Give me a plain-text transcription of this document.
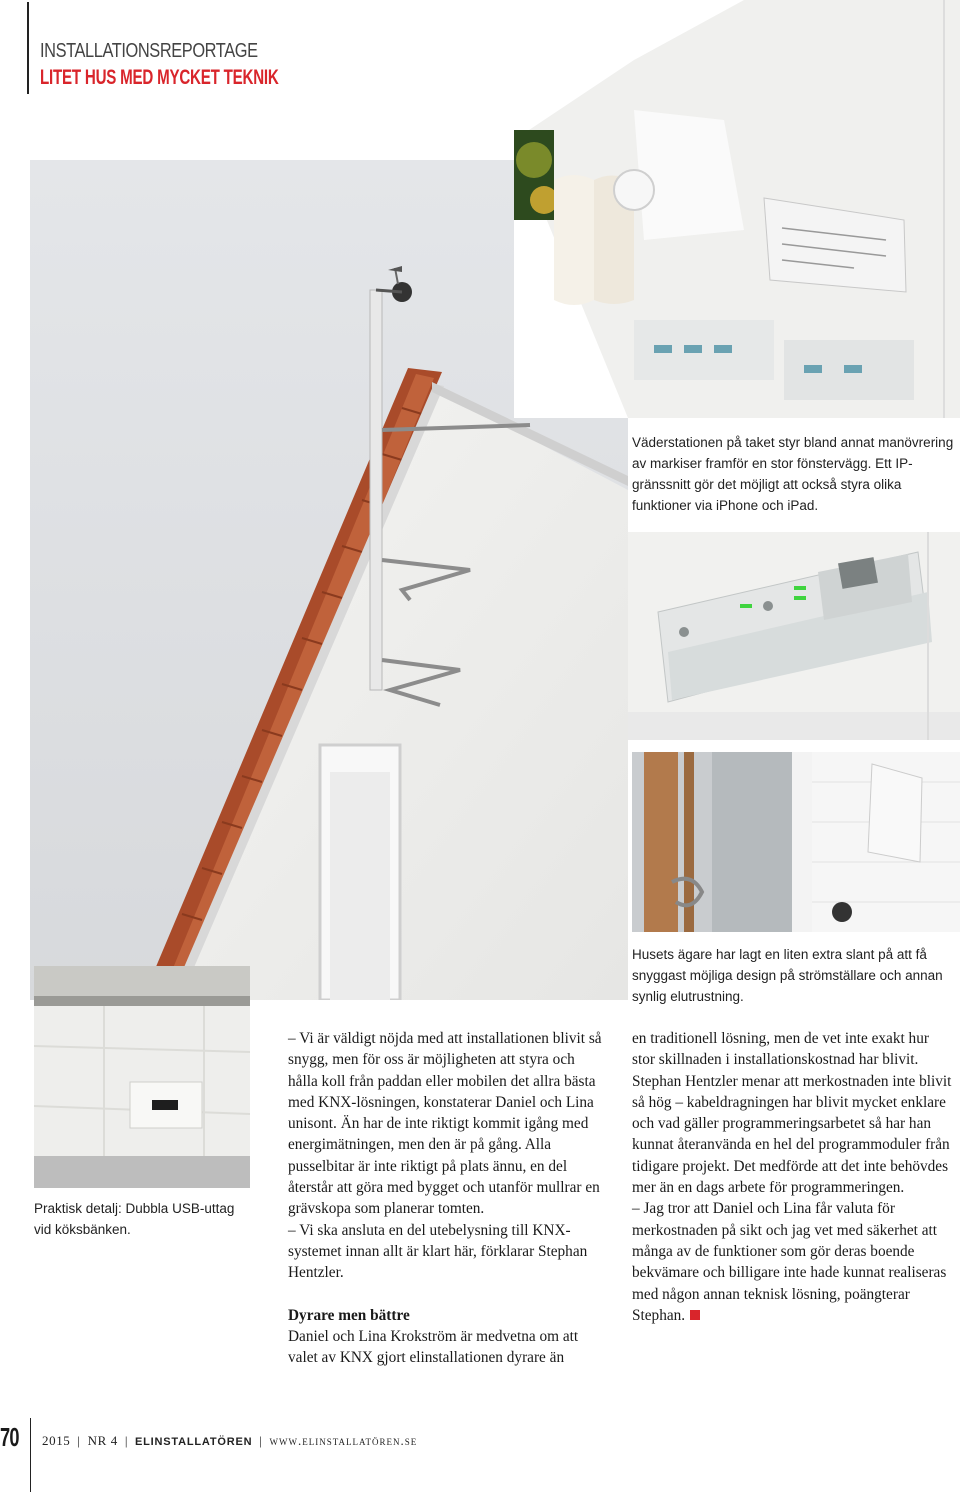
INSTALLATIONSREPORTAGE
LITET HUS MED MYCKET TEKNIK
Väderstationen på taket styr bland annat manövrering av markiser framför en stor fönstervägg. Ett IP-gränssnitt gör det möjligt att också styra olika funktioner via iPhone och iPad.
Husets ägare har lagt en liten extra slant på att få snyggast möjliga design på strömställare och annan synlig elutrustning.
Praktisk detalj: Dubbla USB-uttag vid köksbänken.

– Vi är väldigt nöjda med att installationen blivit så snygg, men för oss är möjligheten att styra och hålla koll från paddan eller mobilen det allra bästa med KNX-lösningen, konstaterar Daniel och Lina unisont. Än har de inte riktigt kommit igång med energimätningen, men den är på gång. Alla pusselbitar är inte riktigt på plats ännu, en del återstår att göra med bygget och utanför mullrar en grävskopa som planerar tomten.

– Vi ska ansluta en del utebelysning till KNX-systemet innan allt är klart här, förklarar Stephan Hentzler.

Dyrare men bättre

Daniel och Lina Krokström är medvetna om att valet av KNX gjort elinstallationen dyrare än

en traditionell lösning, men de vet inte exakt hur stor skillnaden i installationskostnad har blivit. Stephan Hentzler menar att merkostnaden inte blivit så hög – kabeldragningen har blivit mycket enklare och vad gäller programmeringsarbetet så har han kunnat återanvända en hel del programmoduler från tidigare projekt. Det medförde att det inte behövdes mer än en dags arbete för programmeringen.

– Jag tror att Daniel och Lina får valuta för merkostnaden på sikt och jag vet med säkerhet att många av de funktioner som gör deras boende bekvämare och billigare inte hade kunnat realiseras med någon annan teknisk lösning, poängterar Stephan.

70 2015 | NR 4 | ELINSTALLATÖREN | www.elinstallatören.se
